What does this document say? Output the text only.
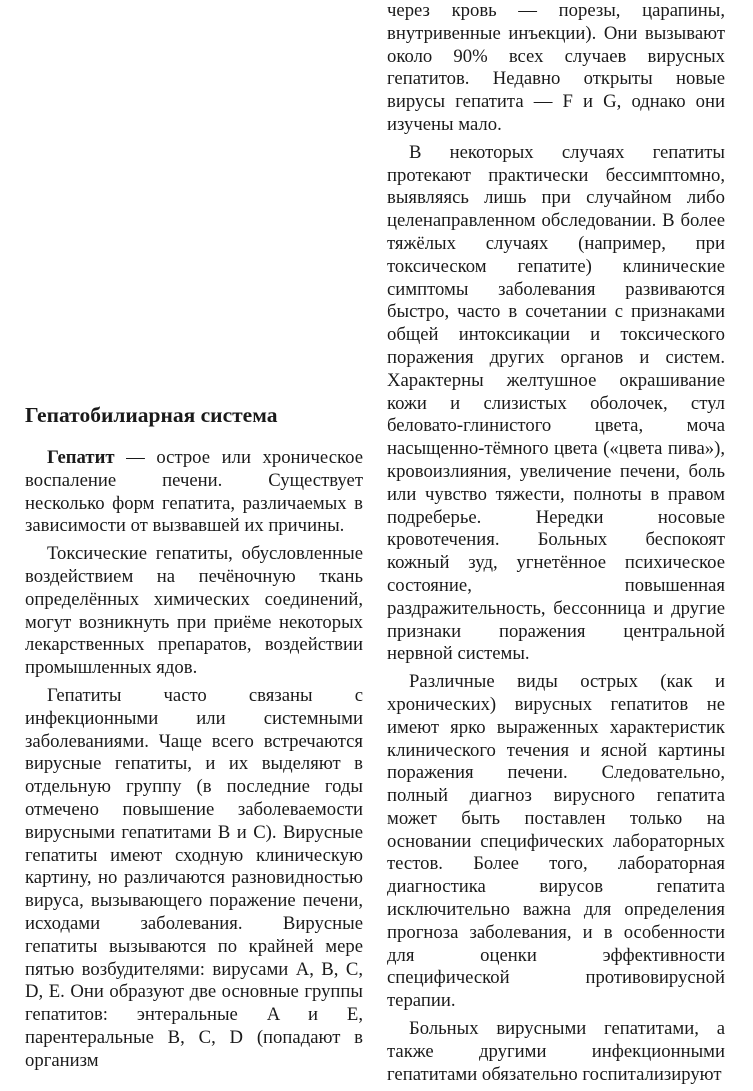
Гепатобилиарная система

Гепатит — острое или хроническое воспаление печени. Существует несколько форм гепатита, различаемых в зависимости от вызвавшей их причины.

Токсические гепатиты, обусловленные воздействием на печёночную ткань определённых химических соединений, могут возникнуть при приёме некоторых лекарственных препаратов, воздействии промышленных ядов.

Гепатиты часто связаны с инфекционными или системными заболеваниями. Чаще всего встречаются вирусные гепатиты, и их выделяют в отдельную группу (в последние годы отмечено повышение заболеваемости вирусными гепатитами B и C). Вирусные гепатиты имеют сходную клиническую картину, но различаются разновидностью вируса, вызывающего поражение печени, исходами заболевания. Вирусные гепатиты вызываются по крайней мере пятью возбудителями: вирусами A, B, C, D, E. Они образуют две основные группы гепатитов: энтеральные A и E, парентеральные B, C, D (попадают в организм

через кровь — порезы, царапины, внутривенные инъекции). Они вызывают около 90% всех случаев вирусных гепатитов. Недавно открыты новые вирусы гепатита — F и G, однако они изучены мало.

В некоторых случаях гепатиты протекают практически бессимптомно, выявляясь лишь при случайном либо целенаправленном обследовании. В более тяжёлых случаях (например, при токсическом гепатите) клинические симптомы заболевания развиваются быстро, часто в сочетании с признаками общей интоксикации и токсического поражения других органов и систем. Характерны желтушное окрашивание кожи и слизистых оболочек, стул беловато-глинистого цвета, моча насыщенно-тёмного цвета («цвета пива»), кровоизлияния, увеличение печени, боль или чувство тяжести, полноты в правом подреберье. Нередки носовые кровотечения. Больных беспокоят кожный зуд, угнетённое психическое состояние, повышенная раздражительность, бессонница и другие признаки поражения центральной нервной системы.

Различные виды острых (как и хронических) вирусных гепатитов не имеют ярко выраженных характеристик клинического течения и ясной картины поражения печени. Следовательно, полный диагноз вирусного гепатита может быть поставлен только на основании специфических лабораторных тестов. Более того, лабораторная диагностика вирусов гепатита исключительно важна для определения прогноза заболевания, и в особенности для оценки эффективности специфической противовирусной терапии.

Больных вирусными гепатитами, а также другими инфекционными гепатитами обязательно госпитализируют
